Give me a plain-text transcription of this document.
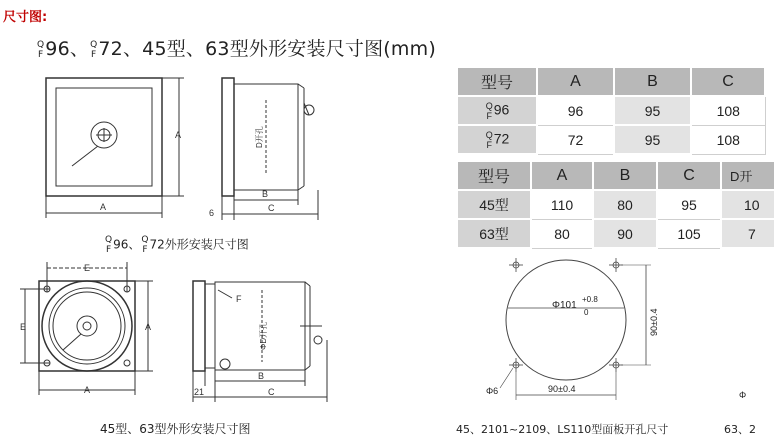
尺寸图:
Q
F 96、Q
F 72、45型、63型外形安装尺寸图(mm)
A
A	D开孔
B
C
6
E
E	A
A
F
ΦD开孔
B
C
21
Q
F 96、Q
F 72外形安装尺寸图
45型、63型外形安装尺寸图
型号	A	B	C
Q
F 96	96	95	108
Q
F 72	72	95	108
型号	A	B	C	D开
45型	110	80	95	10
63型	80	90	105	7
Φ101
+0.8
0	90±0.4
90±0.4
Φ6	Φ
45、2101~2109、LS110型面板开孔尺寸	63、2
